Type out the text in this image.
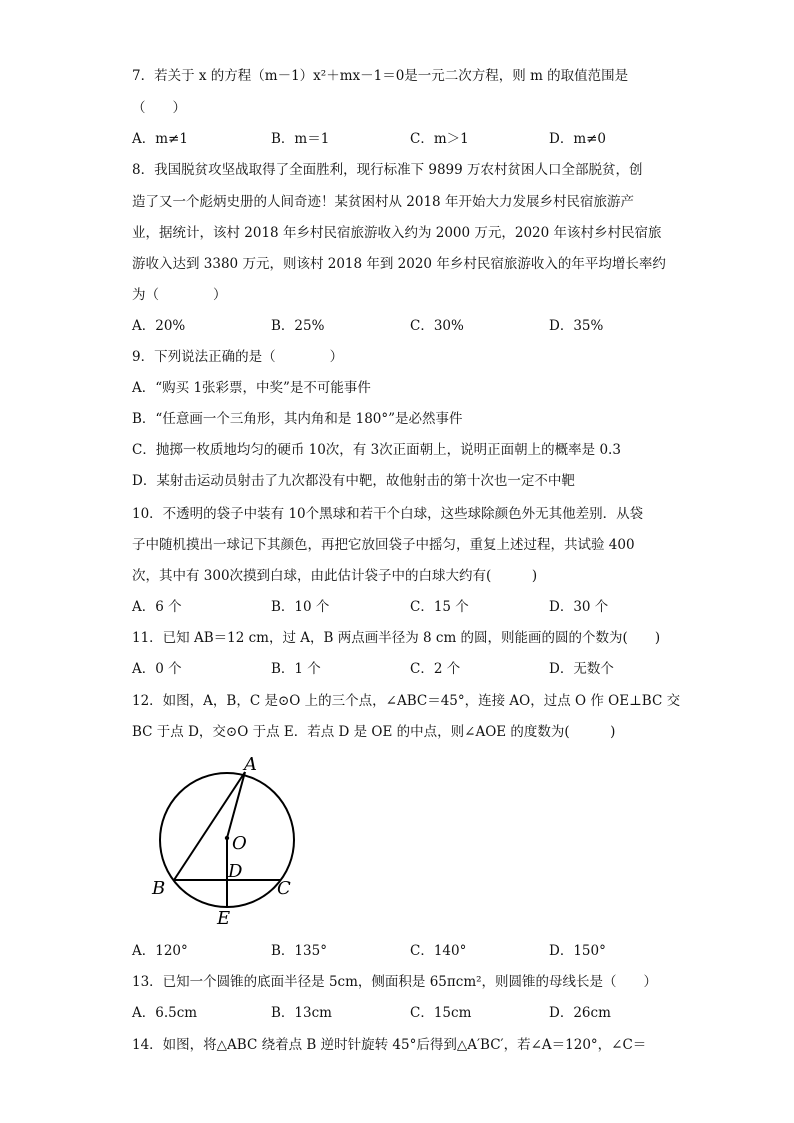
7．若关于 x 的方程（m－1）x²＋mx－1＝0是一元二次方程，则 m 的取值范围是
（　　）
A．m≠1	B．m＝1	C．m＞1	D．m≠0
8．我国脱贫攻坚战取得了全面胜利，现行标准下 9899 万农村贫困人口全部脱贫，创
造了又一个彪炳史册的人间奇迹！某贫困村从 2018 年开始大力发展乡村民宿旅游产
业，据统计，该村 2018 年乡村民宿旅游收入约为 2000 万元，2020 年该村乡村民宿旅
游收入达到 3380 万元，则该村 2018 年到 2020 年乡村民宿旅游收入的年平均增长率约
为（　　　　）
A．20%	B．25%	C．30%	D．35%
9．下列说法正确的是（　　　　）
A．“购买 1张彩票，中奖”是不可能事件
B．“任意画一个三角形，其内角和是 180°”是必然事件
C．抛掷一枚质地均匀的硬币 10次，有 3次正面朝上，说明正面朝上的概率是 0.3
D．某射击运动员射击了九次都没有中靶，故他射击的第十次也一定不中靶
10．不透明的袋子中装有 10个黑球和若干个白球，这些球除颜色外无其他差别．从袋
子中随机摸出一球记下其颜色，再把它放回袋子中摇匀，重复上述过程，共试验 400
次，其中有 300次摸到白球，由此估计袋子中的白球大约有(　　　)
A．6 个	B．10 个	C．15 个	D．30 个
11．已知 AB＝12 cm，过 A，B 两点画半径为 8 cm 的圆，则能画的圆的个数为(　　)
A．0 个	B．1 个	C．2 个	D．无数个
12．如图，A，B，C 是⊙O 上的三个点，∠ABC＝45°，连接 AO，过点 O 作 OE⊥BC 交
BC 于点 D，交⊙O 于点 E．若点 D 是 OE 的中点，则∠AOE 的度数为(　　　)
A
O
D
B	C
E
A．120°	B．135°	C．140°	D．150°
13．已知一个圆锥的底面半径是 5cm，侧面积是 65πcm²，则圆锥的母线长是（　　）
A．6.5cm	B．13cm	C．15cm	D．26cm
14．如图，将△ABC 绕着点 B 逆时针旋转 45°后得到△A′BC′，若∠A＝120°，∠C＝
